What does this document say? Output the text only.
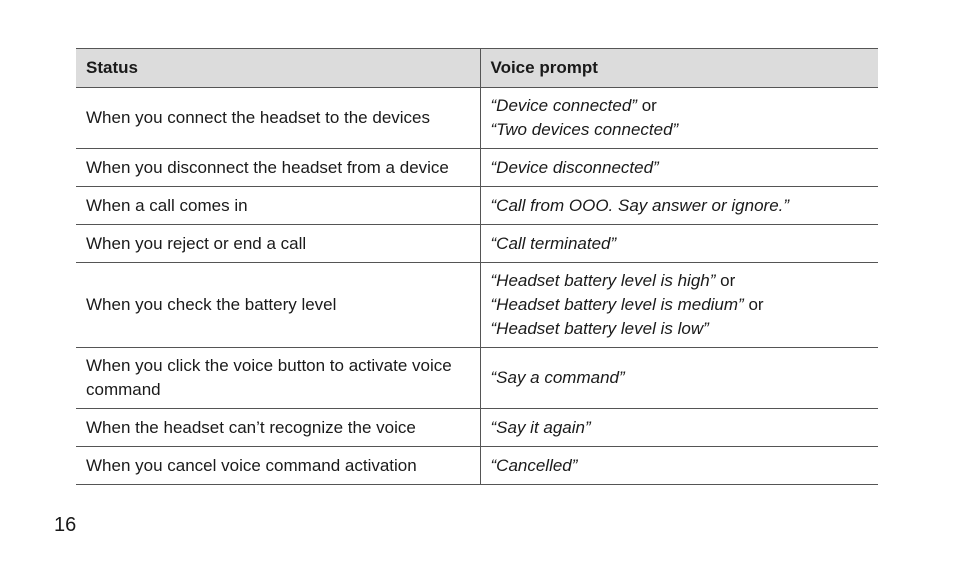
Status	Voice prompt
When you connect the headset to the devices	“Device connected” or
“Two devices connected”

When you disconnect the headset from a device	“Device disconnected”

When a call comes in	“Call from OOO. Say answer or ignore.”

When you reject or end a call	“Call terminated”

When you check the battery level	“Headset battery level is high” or
“Headset battery level is medium” or
“Headset battery level is low”

When you click the voice button to activate voice command	“Say a command”

When the headset can’t recognize the voice	“Say it again”

When you cancel voice command activation	“Cancelled”
16
